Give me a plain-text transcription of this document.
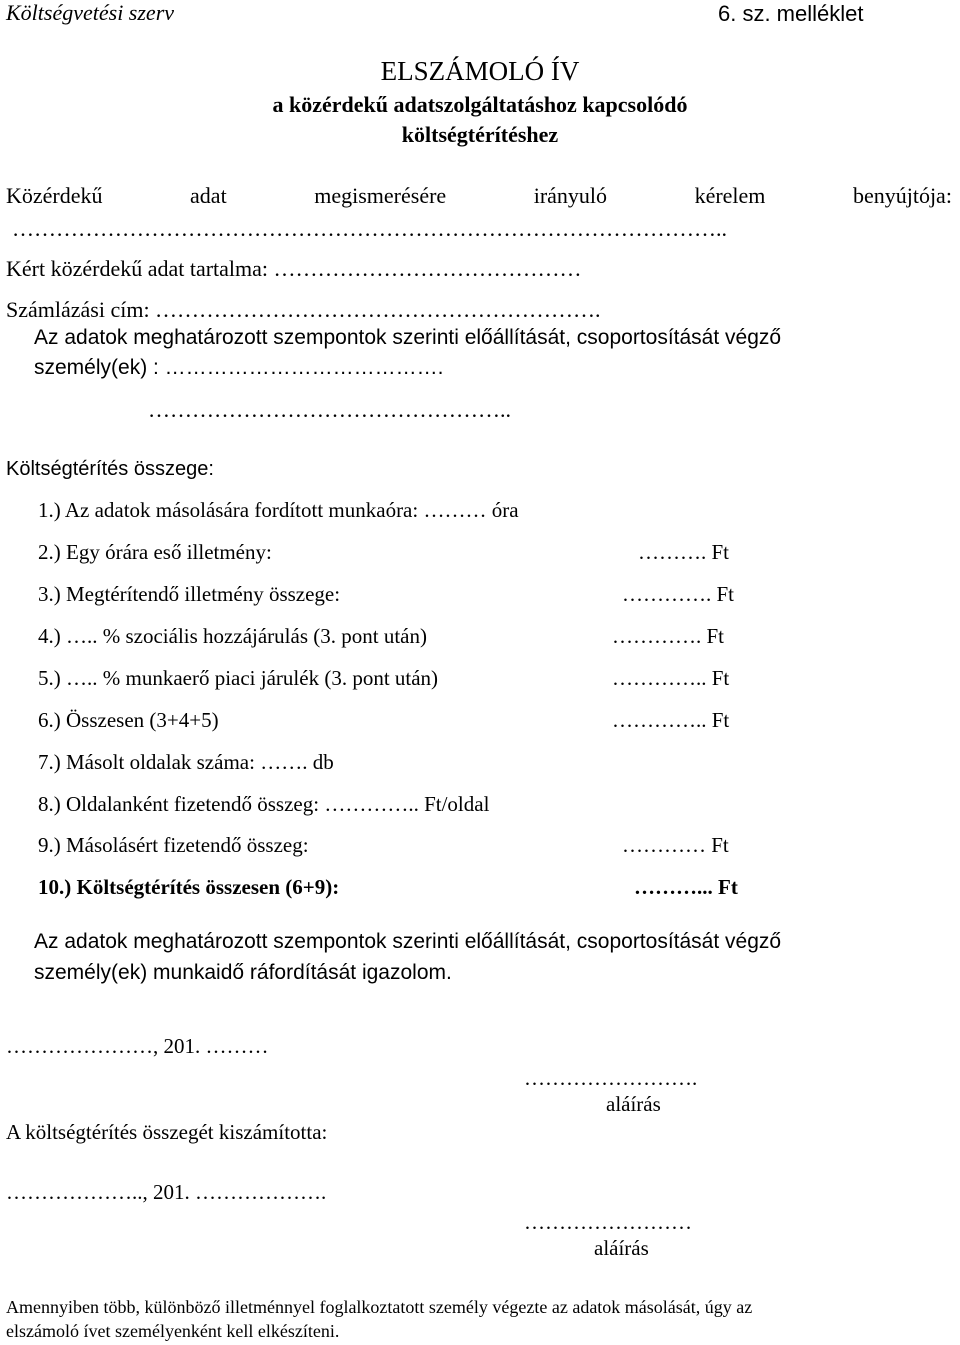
Költségvetési szerv	6. sz. melléklet
ELSZÁMOLÓ ÍV
a közérdekű adatszolgáltatáshoz kapcsolódó
költségtérítéshez
Közérdekű	adat	megismerésére	irányuló	kérelem	benyújtója:
……………………………………………………………………………………..
Kért közérdekű adat tartalma: ……………………………………
Számlázási cím: …………………………………………………….
Az adatok meghatározott szempontok szerinti előállítását, csoportosítását végző
személy(ek) : ………………………………….
…………………………………………..
Költségtérítés összege:
1.) Az adatok másolására fordított munkaóra: ……… óra
2.) Egy órára eső illetmény:	………. Ft
3.) Megtérítendő illetmény összege:	…………. Ft
4.) ….. % szociális hozzájárulás (3. pont után)	…………. Ft
5.) ….. % munkaerő piaci járulék (3. pont után)	………….. Ft
6.) Összesen (3+4+5)	………….. Ft
7.) Másolt oldalak száma: ……. db
8.) Oldalanként fizetendő összeg: ………….. Ft/oldal
9.) Másolásért fizetendő összeg:	………… Ft
10.) Költségtérítés összesen (6+9):	………... Ft
Az adatok meghatározott szempontok szerinti előállítását, csoportosítását végző
személy(ek) munkaidő ráfordítását igazolom.
…………………, 201. ………
…………………….
aláírás
A költségtérítés összegét kiszámította:
……………….., 201. ……………….
……………………
aláírás
Amennyiben több, különböző illetménnyel foglalkoztatott személy végezte az adatok másolását, úgy az
elszámoló ívet személyenként kell elkészíteni.
